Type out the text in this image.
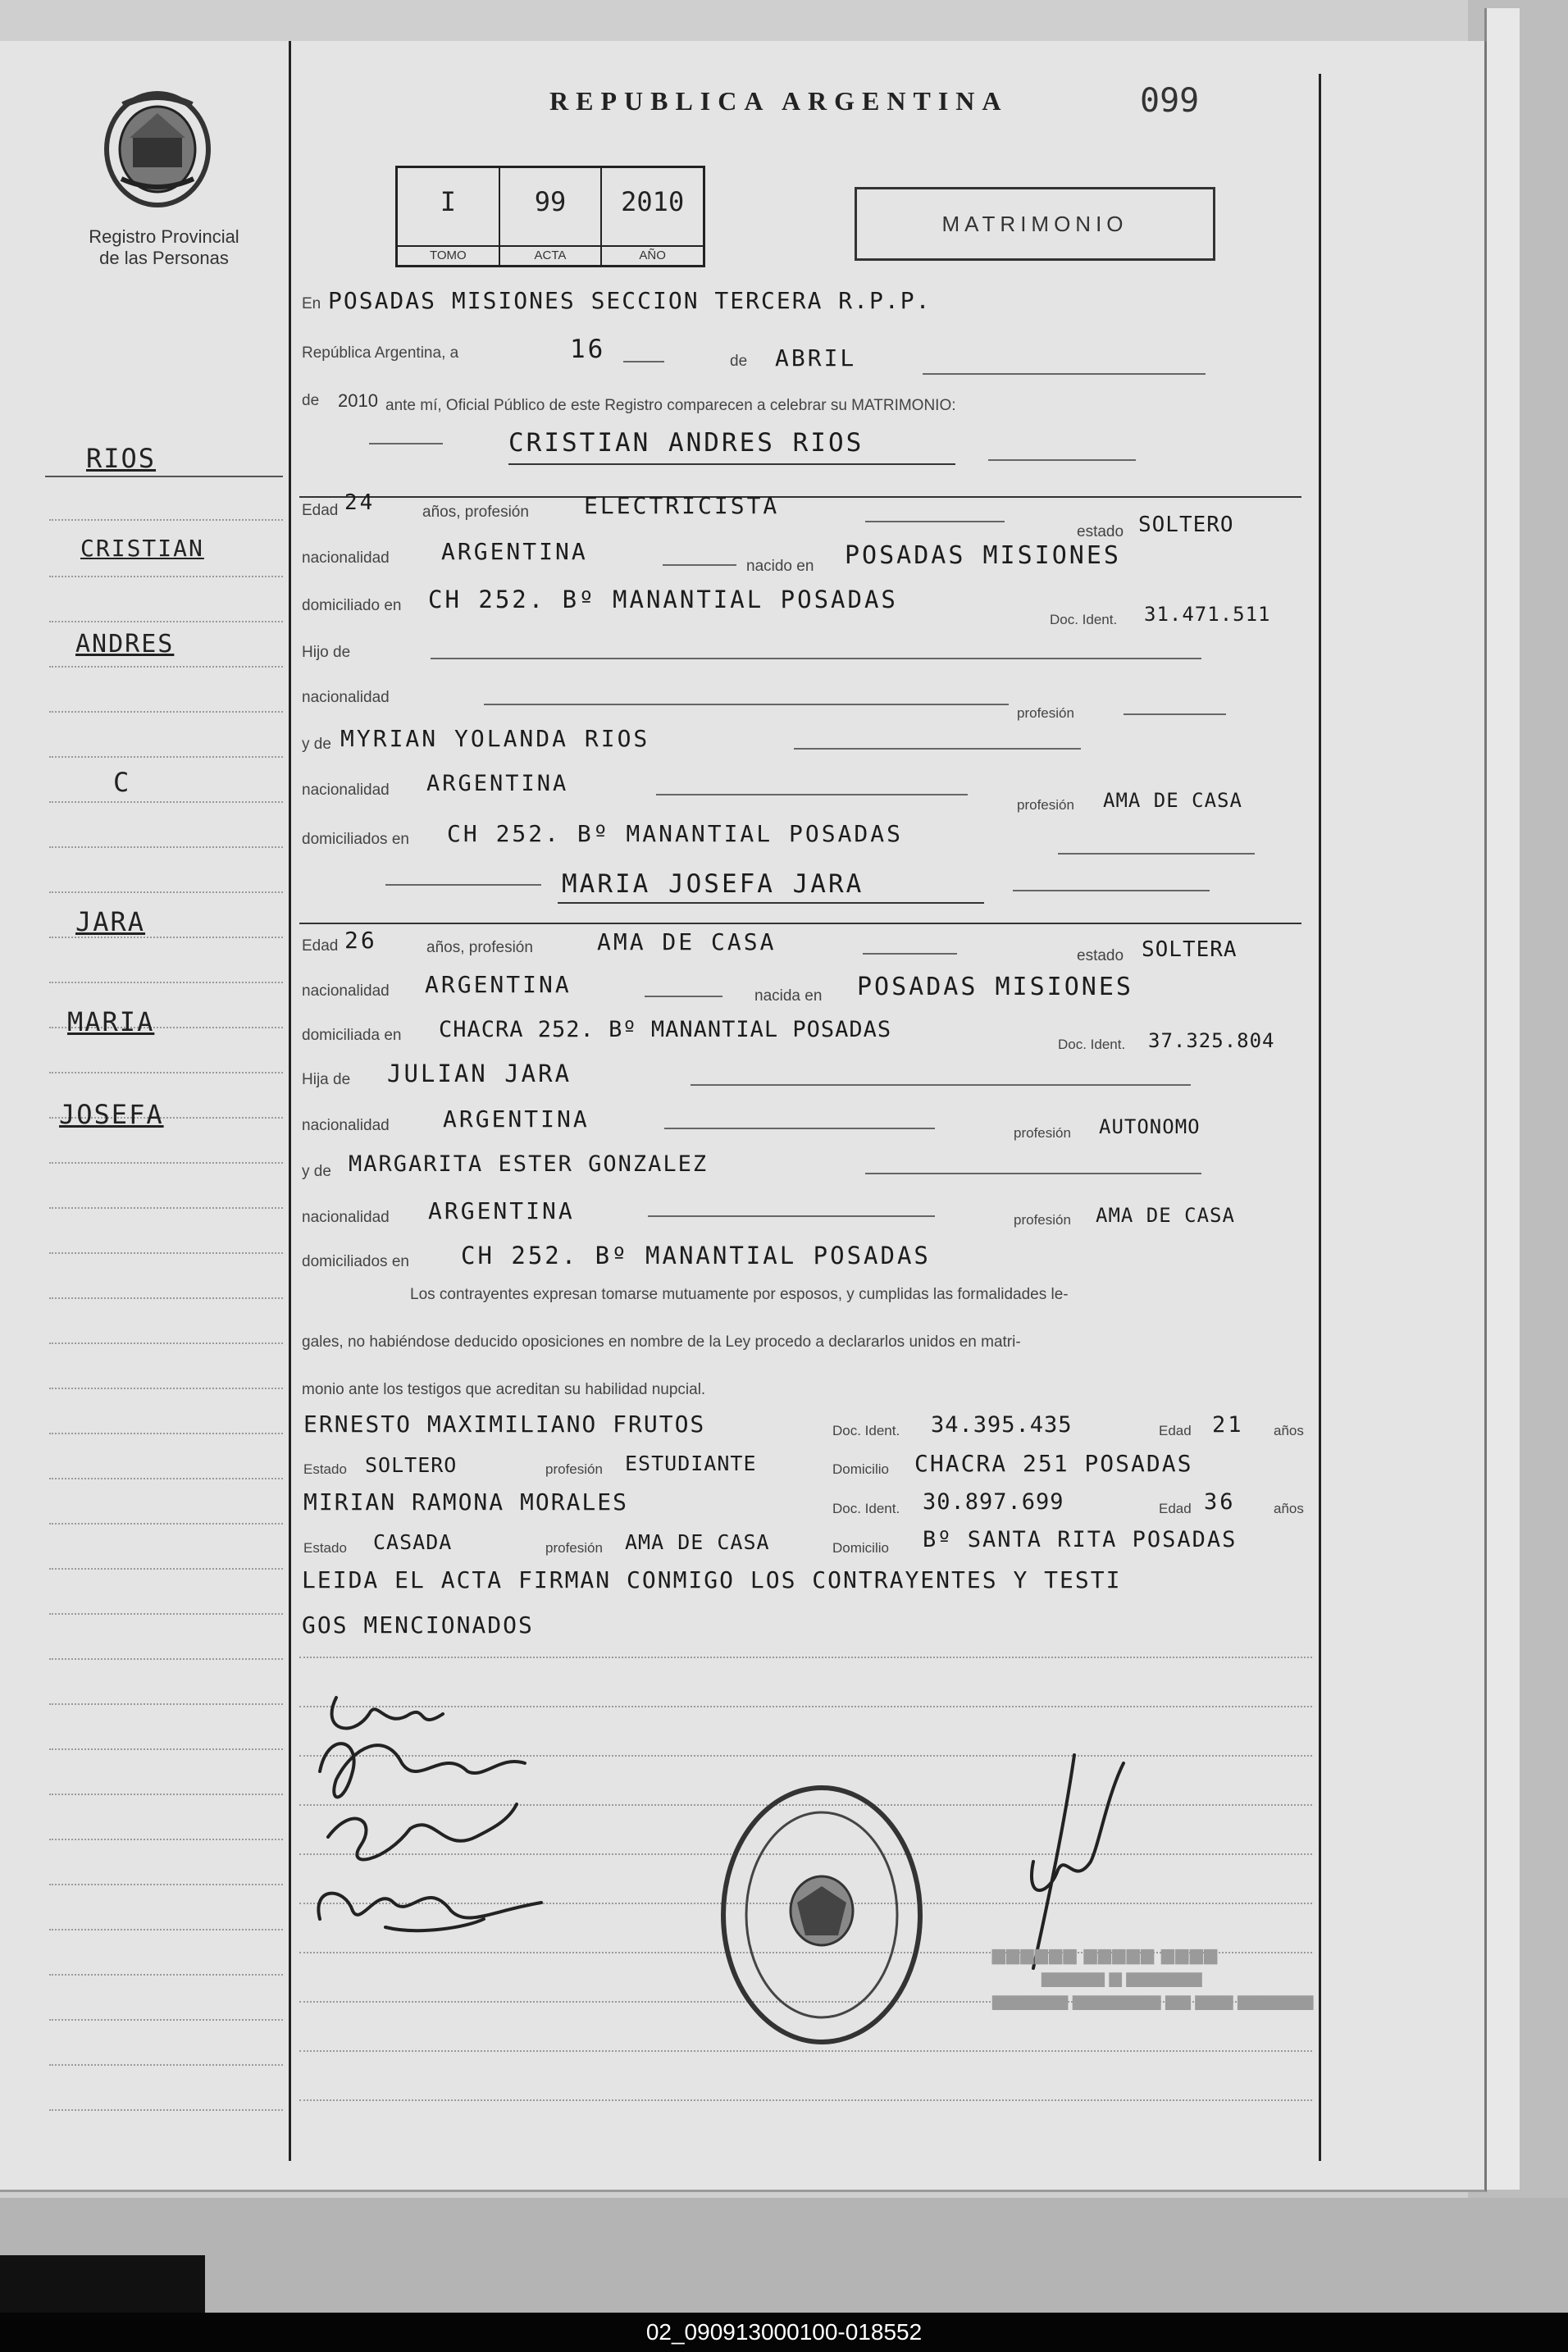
Registro Provincial
de las Personas
REPUBLICA ARGENTINA	099
I
TOMO
99
ACTA
2010
AÑO
MATRIMONIO
RIOS
CRISTIAN
ANDRES
C
JARA
MARIA
JOSEFA
En POSADAS MISIONES SECCION TERCERA R.P.P.
República Argentina, a	16	de ABRIL
de 2010 ante mí, Oficial Público de este Registro comparecen a celebrar su MATRIMONIO:
CRISTIAN ANDRES RIOS
Edad 24	años, profesión ELECTRICISTA
estado SOLTERO
nacionalidad ARGENTINA
nacido en POSADAS MISIONES
domiciliado en CH 252. Bº MANANTIAL POSADAS
Doc. Ident. 31.471.511
Hijo de
nacionalidad
profesión
y de MYRIAN YOLANDA RIOS
nacionalidad ARGENTINA
profesión AMA DE CASA
domiciliados en CH 252. Bº MANANTIAL POSADAS
MARIA JOSEFA JARA
Edad 26	años, profesión	AMA DE CASA
estado SOLTERA
nacionalidad ARGENTINA	nacida en POSADAS MISIONES
domiciliada en CHACRA 252. Bº MANANTIAL POSADAS
Doc. Ident. 37.325.804
Hija de JULIAN JARA
nacionalidad ARGENTINA
profesión AUTONOMO
y de MARGARITA ESTER GONZALEZ
nacionalidad ARGENTINA	profesión AMA DE CASA
domiciliados en CH 252. Bº MANANTIAL POSADAS
Los contrayentes expresan tomarse mutuamente por esposos, y cumplidas las formalidades le-
gales, no habiéndose deducido oposiciones en nombre de la Ley procedo a declararlos unidos en matri-
monio ante los testigos que acreditan su habilidad nupcial.
ERNESTO MAXIMILIANO FRUTOS	Doc. Ident. 34.395.435	Edad 21 años
Estado SOLTERO	profesión ESTUDIANTE	Domicilio CHACRA 251 POSADAS
MIRIAN RAMONA MORALES	Doc. Ident. 30.897.699	Edad 36	años
Estado CASADA	profesión AMA DE CASA	Domicilio Bº SANTA RITA POSADAS
LEIDA EL ACTA FIRMAN CONMIGO LOS CONTRAYENTES Y TESTI
GOS MENCIONADOS
▆▆▆▆▆▆ ▆▆▆▆▆ ▆▆▆▆
▆▆▆▆▆ ▆ ▆▆▆▆▆▆
▆▆▆▆▆▆ ▆▆▆▆▆▆▆ ▆▆ ▆▆▆ ▆▆▆▆▆▆
02_090913000100-018552
